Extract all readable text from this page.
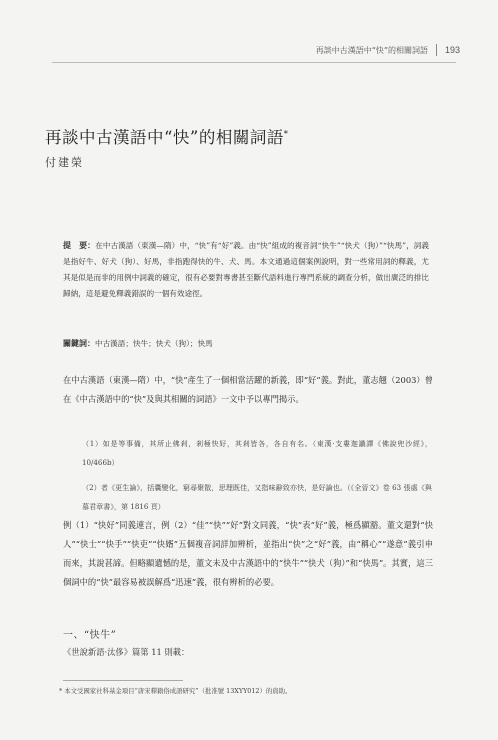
再談中古漢語中“快”的相關詞語 193
再談中古漢語中“快”的相關詞語*
付建榮
提　要：在中古漢語（東漢—隋）中，“快”有“好”義。由“快”組成的複音詞“快牛”“快犬（狗）”“快馬”，詞義是指好牛、好犬（狗）、好馬，非指跑得快的牛、犬、馬。本文通過這個案例說明，對一些常用詞的釋義，尤其是似是而非的用例中詞義的確定，很有必要對專書甚至斷代語料進行專門系統的調查分析，做出廣泛的排比歸納，這是避免釋義錯誤的一個有效途徑。
關鍵詞：中古漢語；快牛；快犬（狗）；快馬
在中古漢語（東漢—隋）中，“快”產生了一個相當活躍的新義，即“好”義。對此，董志翹（2003）曾在《中古漢語中的“快”及與其相關的詞語》一文中予以專門揭示。
（1）如是等事備，其所止佛剎，剎極快好，其剎皆各，各自有名。（東漢·支婁迦讖譯《佛說兜沙經》，10/466b）
（2）者《更生論》，括囊變化，窮尋聚散，思理既佳，又指味辭致亦快，是好論也。（《全晉文》卷 63 張處《與慕君章書》，第 1816 頁）
例（1）“快好”同義連言，例（2）“佳”“快”“好”對文同義，“快”表“好”義，極爲顯豁。董文還對“快人”“快士”“快手”“快吏”“快婿”五個複音詞詳加辨析，並指出“快”之“好”義，由“稱心”“遂意”義引申而來，其說甚諦。但略顯遺憾的是，董文未及中古漢語中的“快牛”“快犬（狗）”和“快馬”。其實，這三個詞中的“快”最容易被誤解爲“迅速”義，很有辨析的必要。
一、“快牛”
《世說新語·汰侈》篇第 11 則載：
* 本文受國家社科基金項目“唐宋釋籍俗成語研究”（批准號 13XYY012）的資助。
